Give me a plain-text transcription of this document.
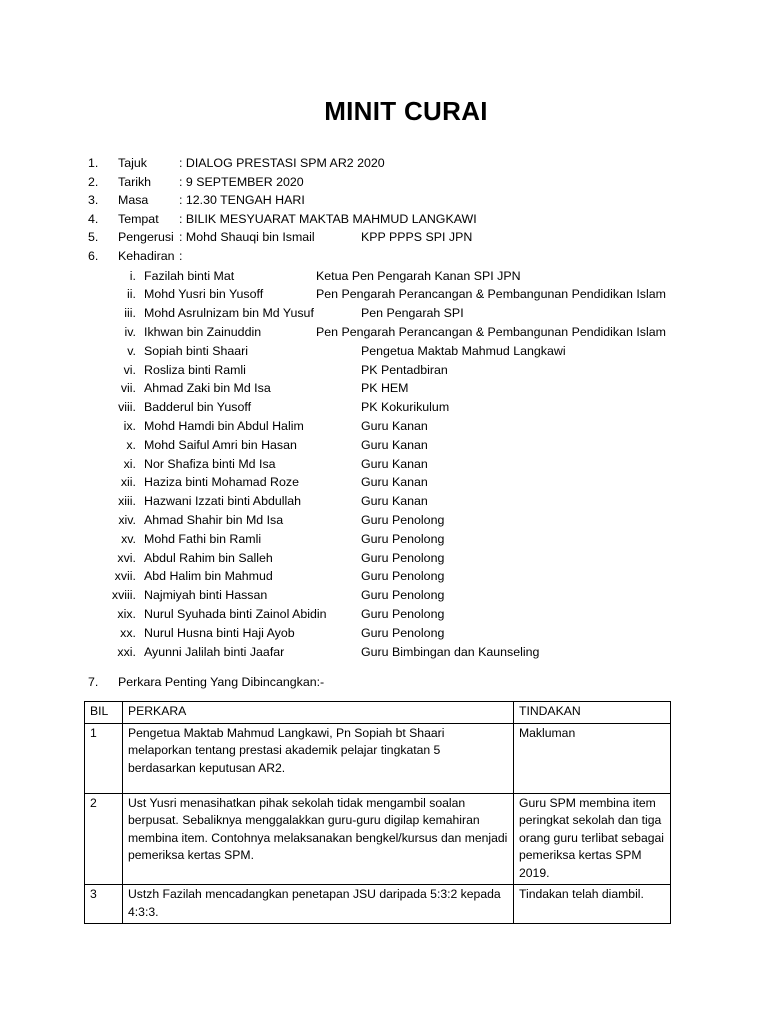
MINIT CURAI
1. Tajuk	: DIALOG PRESTASI SPM AR2 2020
2. Tarikh : 9 SEPTEMBER 2020
3. Masa : 12.30 TENGAH HARI
4. Tempat : BILIK MESYUARAT MAKTAB MAHMUD LANGKAWI
5. Pengerusi : Mohd Shauqi bin Ismail	KPP PPPS SPI JPN
6. Kehadiran :
i. Fazilah binti Mat	Ketua Pen Pengarah Kanan SPI JPN
ii. Mohd Yusri bin Yusoff	Pen Pengarah Perancangan & Pembangunan Pendidikan Islam
iii. Mohd Asrulnizam bin Md Yusuf	Pen Pengarah SPI
iv. Ikhwan bin Zainuddin	Pen Pengarah Perancangan & Pembangunan Pendidikan Islam
v. Sopiah binti Shaari	Pengetua Maktab Mahmud Langkawi
vi. Rosliza binti Ramli	PK Pentadbiran
vii. Ahmad Zaki bin Md Isa	PK HEM
viii. Badderul bin Yusoff	PK Kokurikulum
ix. Mohd Hamdi bin Abdul Halim	Guru Kanan
x. Mohd Saiful Amri bin Hasan	Guru Kanan
xi. Nor Shafiza binti Md Isa	Guru Kanan
xii. Haziza binti Mohamad Roze	Guru Kanan
xiii. Hazwani Izzati binti Abdullah	Guru Kanan
xiv. Ahmad Shahir bin Md Isa	Guru Penolong
xv. Mohd Fathi bin Ramli	Guru Penolong
xvi. Abdul Rahim bin Salleh	Guru Penolong
xvii. Abd Halim bin Mahmud	Guru Penolong
xviii. Najmiyah binti Hassan	Guru Penolong
xix. Nurul Syuhada binti Zainol Abidin	Guru Penolong
xx. Nurul Husna binti Haji Ayob	Guru Penolong
xxi. Ayunni Jalilah binti Jaafar	Guru Bimbingan dan Kaunseling
7. Perkara Penting Yang Dibincangkan:-
BIL	PERKARA	TINDAKAN
1	Pengetua Maktab Mahmud Langkawi, Pn Sopiah bt Shaari melaporkan tentang prestasi akademik pelajar tingkatan 5 berdasarkan keputusan AR2.	Makluman
2	Ust Yusri menasihatkan pihak sekolah tidak mengambil soalan berpusat. Sebaliknya menggalakkan guru-guru digilap kemahiran membina item. Contohnya melaksanakan bengkel/kursus dan menjadi pemeriksa kertas SPM.	Guru SPM membina item peringkat sekolah dan tiga orang guru terlibat sebagai pemeriksa kertas SPM 2019.
3	Ustzh Fazilah mencadangkan penetapan JSU daripada 5:3:2 kepada 4:3:3.	Tindakan telah diambil.
